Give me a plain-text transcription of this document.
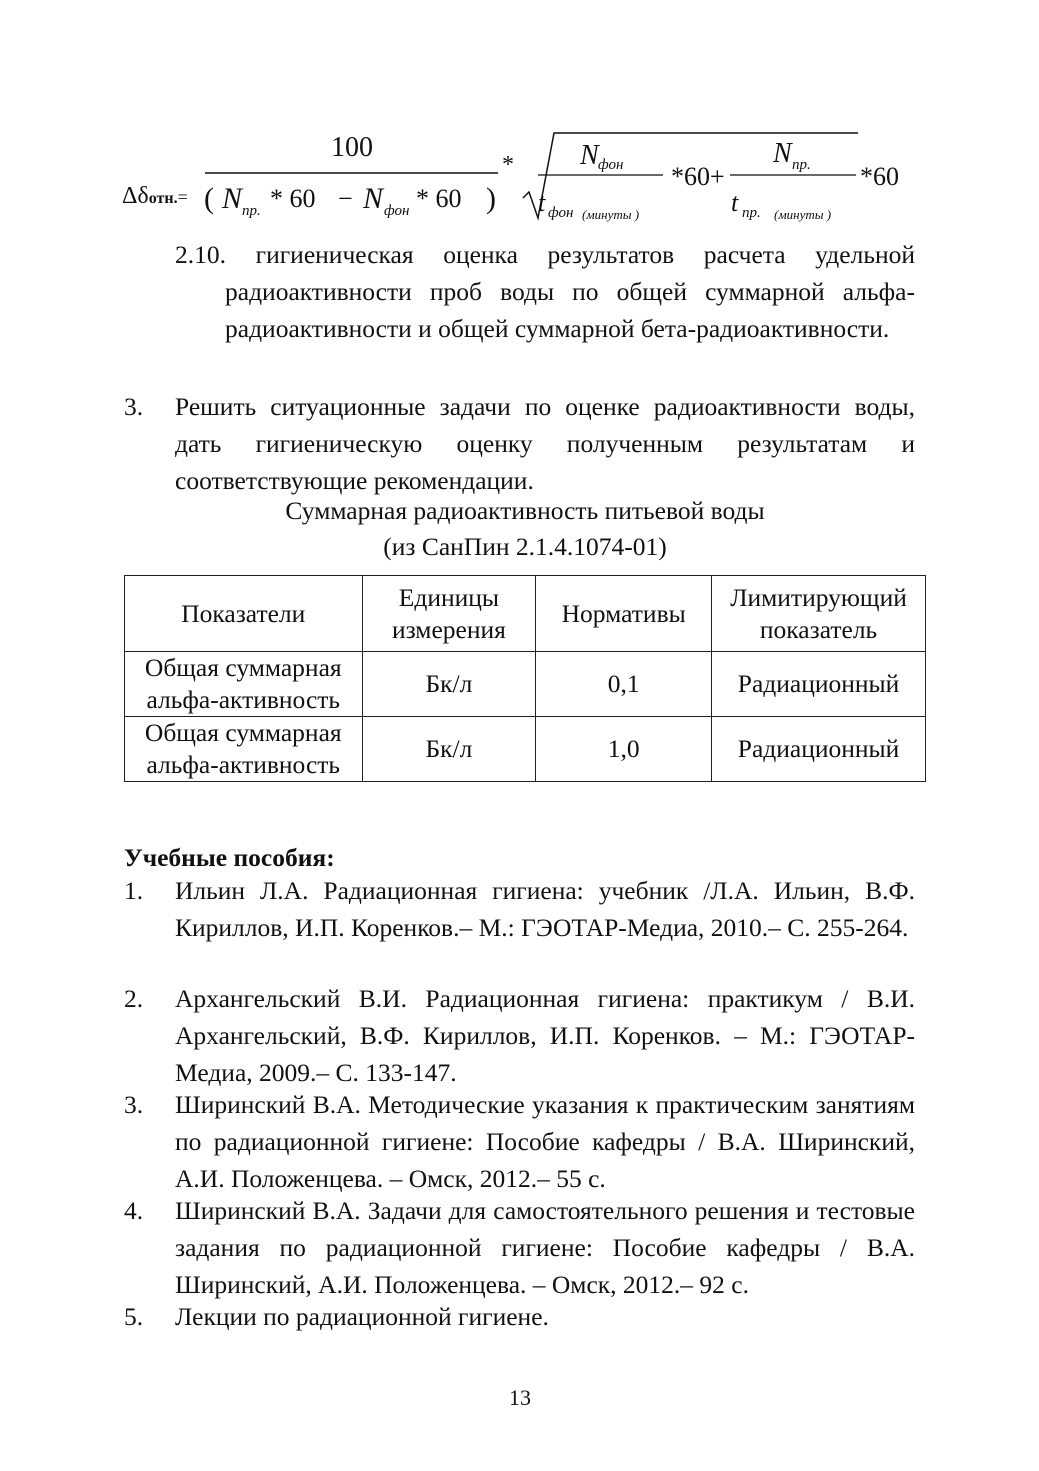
Δδотн.=
100
( N пр. * 60 − N фон * 60 )
* N фон
t фон (минуты )
*60+
N пр.
t пр. (минуты )
*60
2.10. гигиеническая оценка результатов расчета удельной радиоактивности проб воды по общей суммарной альфа-радиоактивности и общей суммарной бета-радиоактивности.
3. Решить ситуационные задачи по оценке радиоактивности воды, дать гигиеническую оценку полученным результатам и соответствующие рекомендации.
Суммарная радиоактивность питьевой воды
(из СанПин 2.1.4.1074-01)
Показатели	Единицы измерения	Нормативы	Лимитирующий показатель
Общая суммарная альфа-активность	Бк/л	0,1	Радиационный
Общая суммарная альфа-активность	Бк/л	1,0	Радиационный
Учебные пособия:
1. Ильин Л.А. Радиационная гигиена: учебник /Л.А. Ильин, В.Ф. Кириллов, И.П. Коренков.– М.: ГЭОТАР-Медиа, 2010.– С. 255-264.
2. Архангельский В.И. Радиационная гигиена: практикум / В.И. Архангельский, В.Ф. Кириллов, И.П. Коренков. – М.: ГЭОТАР-Медиа, 2009.– С. 133-147.
3. Ширинский В.А. Методические указания к практическим занятиям по радиационной гигиене: Пособие кафедры / В.А. Ширинский, А.И. Положенцева. – Омск, 2012.– 55 с.
4. Ширинский В.А. Задачи для самостоятельного решения и тестовые задания по радиационной гигиене: Пособие кафедры / В.А. Ширинский, А.И. Положенцева. – Омск, 2012.– 92 с.
5. Лекции по радиационной гигиене.
13
